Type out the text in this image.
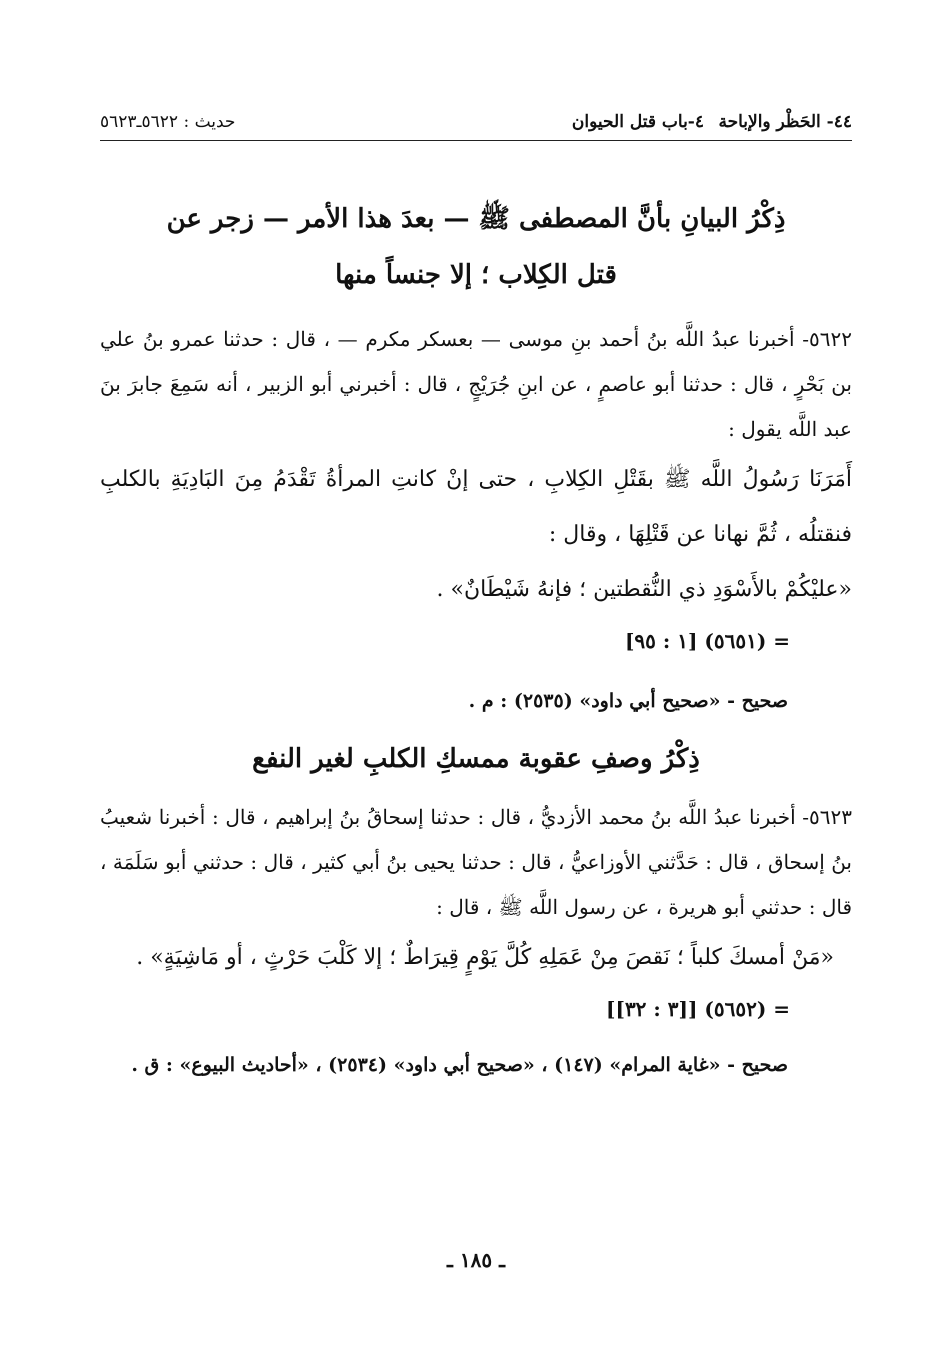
٤٤- الحَظْر والإباحة
٤-باب قتل الحيوان
حديث : ٥٦٢٢ـ٥٦٢٣
ذِكْرُ البيانِ بأنَّ المصطفى ﷺ — بعدَ هذا الأمر — زجر عن
قتل الكِلاب ؛ إلا جنساً منها
٥٦٢٢- أخبرنا عبدُ اللَّه بنُ أحمد بنِ موسى — بعسكر مكرم — ، قال : حدثنا عمرو بنُ علي بن بَحْرٍ ، قال : حدثنا أبو عاصمٍ ، عن ابنِ جُرَيْجٍ ، قال : أخبرني أبو الزبير ، أنه سَمِعَ جابرَ بنَ عبد اللَّه يقول :
أَمَرَنَا رَسُولُ اللَّه ﷺ بقَتْلِ الكِلابِ ، حتى إنْ كانتِ المرأةُ تَقْدَمُ مِنَ البَادِيَةِ بالكلبِ فنقتلُه ، ثُمَّ نهانا عن قَتْلِهَا ، وقال :
«عليْكُمْ بالأَسْوَدِ ذي النُّقطتين ؛ فإنهُ شَيْطَانٌ» .
= (٥٦٥١) [١ : ٩٥]
صحيح - «صحيح أبي داود» (٢٥٣٥) : م .
ذِكْرُ وصفِ عقوبة ممسكِ الكلبِ لغير النفع
٥٦٢٣- أخبرنا عبدُ اللَّه بنُ محمد الأزديُّ ، قال : حدثنا إسحاقُ بنُ إبراهيم ، قال : أخبرنا شعيبُ بنُ إسحاق ، قال : حَدَّثني الأوزاعيُّ ، قال : حدثنا يحيى بنُ أبي كثير ، قال : حدثني أبو سَلَمَة ، قال : حدثني أبو هريرة ، عن رسول اللَّه ﷺ ، قال :
«مَنْ أمسكَ كلباً ؛ نَقصَ مِنْ عَمَلِهِ كُلَّ يَوْمٍ قِيرَاطٌ ؛ إلا كَلْبَ حَرْثٍ ، أو مَاشِيَةٍ» .
= (٥٦٥٢) [[٣ : ٣٢]]
صحيح - «غاية المرام» (١٤٧) ، «صحيح أبي داود» (٢٥٣٤) ، «أحاديث البيوع» : ق .
ـ ١٨٥ ـ
